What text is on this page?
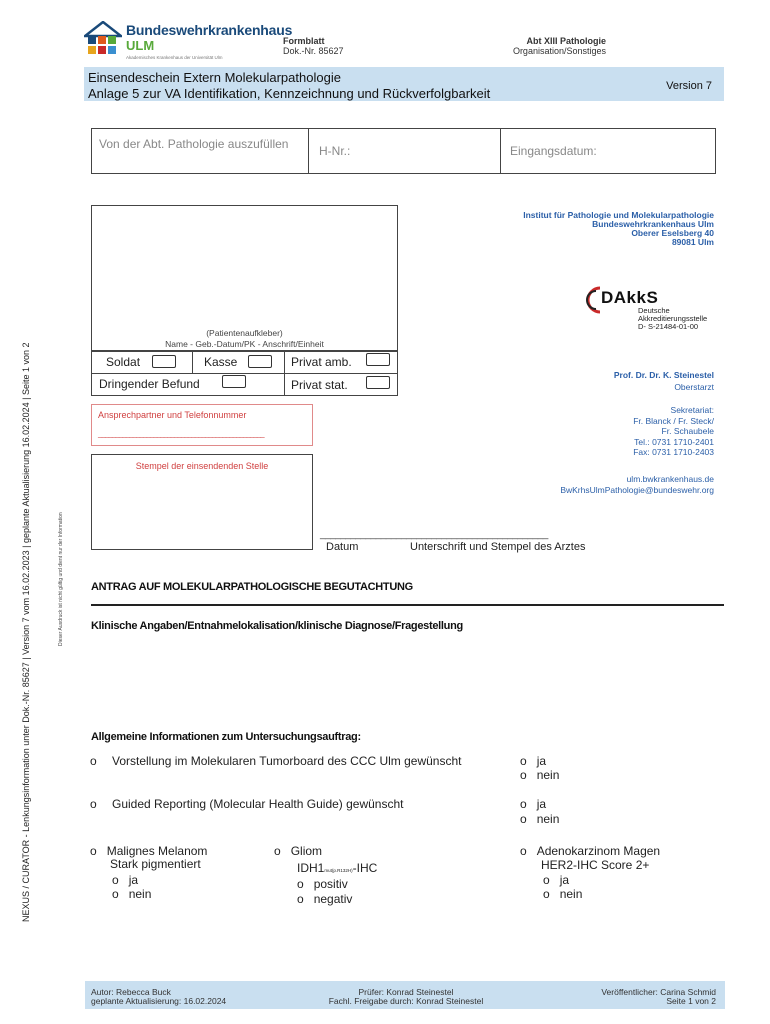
Bundeswehrkrankenhaus
ULM
Akademisches Krankenhaus der Universität Ulm
Formblatt
Dok.-Nr. 85627
Abt XIII Pathologie
Organisation/Sonstiges
Einsendeschein Extern Molekularpathologie
Anlage 5 zur VA Identifikation, Kennzeichnung und Rückverfolgbarkeit	Version 7
Von der Abt. Pathologie auszufüllen	H-Nr.:	Eingangsdatum:
(Patientenaufkleber)
Name - Geb.-Datum/PK - Anschrift/Einheit
Soldat	Kasse	Privat amb.
Dringender Befund	Privat stat.
Ansprechpartner und Telefonnummer
________________________________________________
Stempel der einsendenden Stelle
Institut für Pathologie und Molekularpathologie
Bundeswehrkrankenhaus Ulm
Oberer Eselsberg 40
89081 Ulm
DAkkS
Deutsche
Akkreditierungsstelle
D- S-21484-01-00
Prof. Dr. Dr. K. Steinestel
Oberstarzt
Sekretariat:
Fr. Blanck / Fr. Steck/
Fr. Schaubele
Tel.: 0731 1710-2401
Fax: 0731 1710-2403
ulm.bwkrankenhaus.de
BwKrhsUlmPathologie@bundeswehr.org
_____________________________________________
Datum	Unterschrift und Stempel des Arztes
ANTRAG AUF MOLEKULARPATHOLOGISCHE BEGUTACHTUNG
Klinische Angaben/Entnahmelokalisation/klinische Diagnose/Fragestellung
Allgemeine Informationen zum Untersuchungsauftrag:
o Vorstellung im Molekularen Tumorboard des CCC Ulm gewünscht	o ja
o nein
o Guided Reporting (Molecular Health Guide) gewünscht	o ja
o nein
o Malignes Melanom
Stark pigmentiert
o ja
o nein
o Gliom
IDH1mut(p.R132H)-IHC
o positiv
o negativ
o Adenokarzinom Magen
HER2-IHC Score 2+
o ja
o nein
NEXUS / CURATOR - Lenkungsinformation unter Dok.-Nr. 85627 | Version 7 vom 16.02.2023 | geplante Aktualisierung 16.02.2024 | Seite 1 von 2	Dieser Ausdruck ist nicht gültig und dient nur der Information
Autor: Rebecca Buck
geplante Aktualisierung: 16.02.2024
Prüfer: Konrad Steinestel
Fachl. Freigabe durch: Konrad Steinestel
Veröffentlicher: Carina Schmid
Seite 1 von 2
